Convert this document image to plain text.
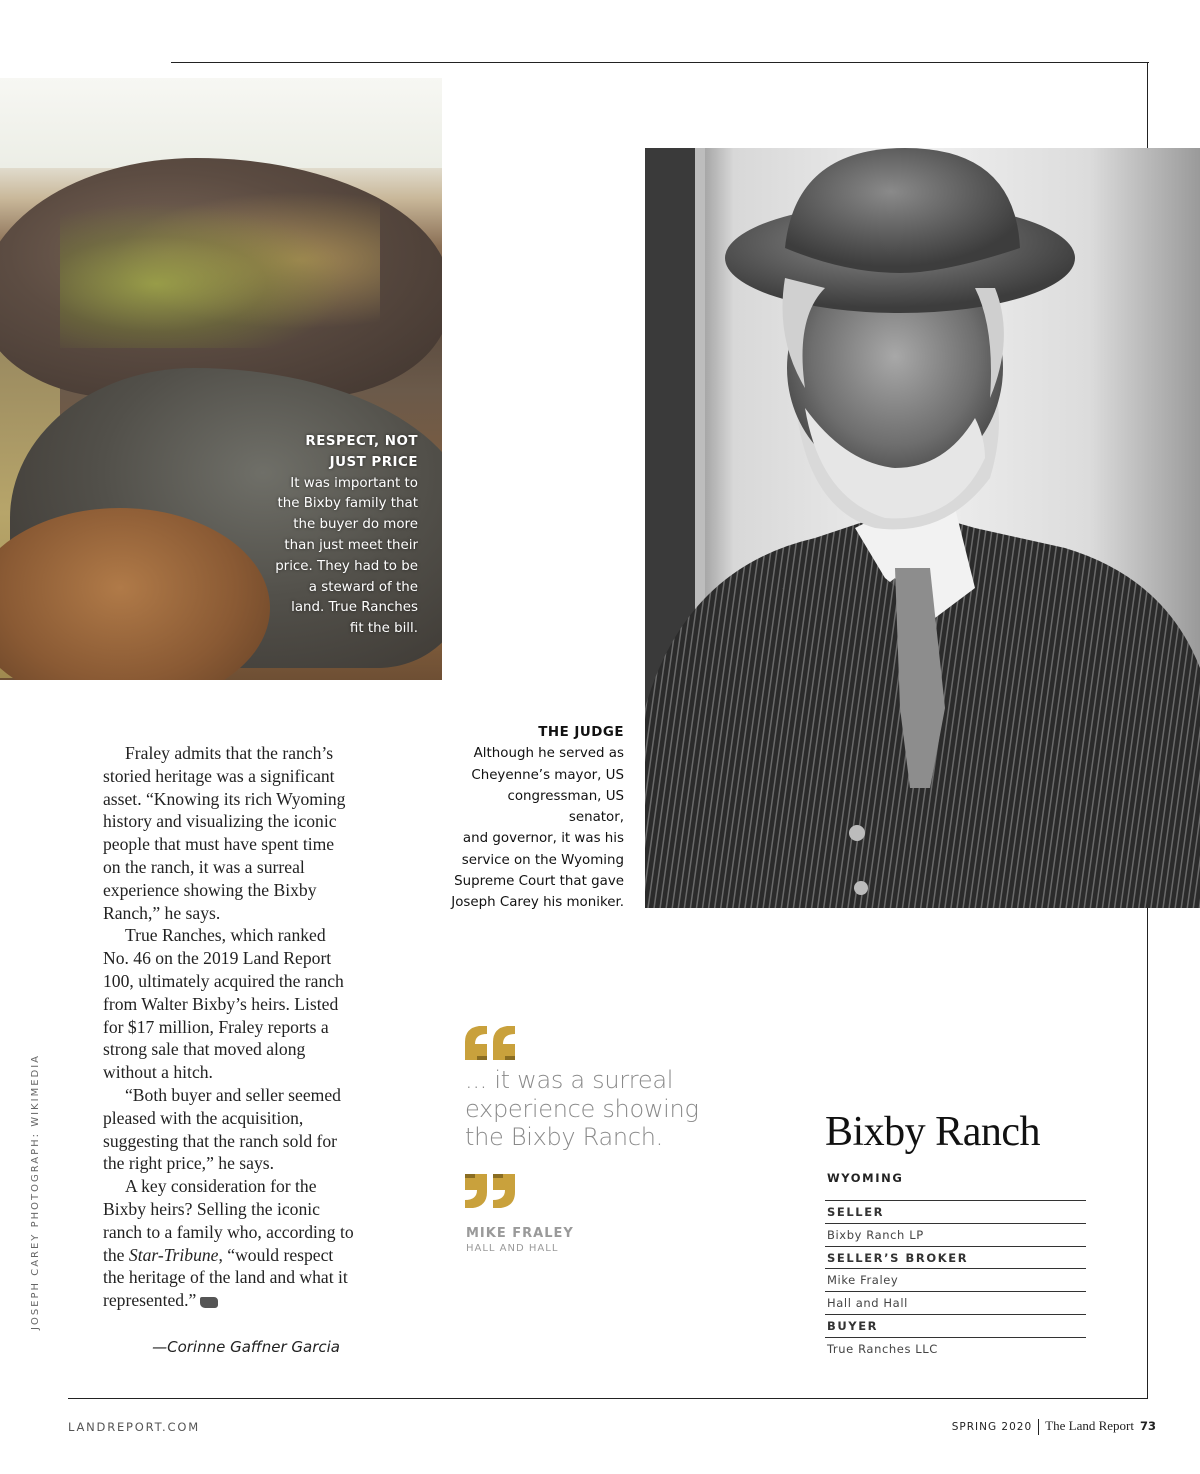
RESPECT, NOT
JUST PRICE
It was important to
the Bixby family that
the buyer do more
than just meet their
price. They had to be
a steward of the
land. True Ranches
fit the bill.
THE JUDGE
Although he served as
Cheyenne’s mayor, US
congressman, US senator,
and governor, it was his
service on the Wyoming
Supreme Court that gave
Joseph Carey his moniker.

Fraley admits that the ranch’s storied heritage was a significant asset. “Knowing its rich Wyoming history and visualizing the iconic people that must have spent time on the ranch, it was a surreal experience showing the Bixby Ranch,” he says.

True Ranches, which ranked No. 46 on the 2019 Land Report 100, ultimately acquired the ranch from Walter Bixby’s heirs. Listed for $17 million, Fraley reports a strong sale that moved along without a hitch.

“Both buyer and seller seemed pleased with the acquisition, suggesting that the ranch sold for the right price,” he says.

A key consideration for the Bixby heirs? Selling the iconic ranch to a family who, according to the Star-Tribune, “would respect the heritage of the land and what it represented.”

—Corinne Gaffner Garcia
JOSEPH CAREY PHOTOGRAPH: WIKIMEDIA	... it was a surreal experience showing the Bixby Ranch.
MIKE FRALEY
HALL AND HALL
Bixby Ranch
WYOMING
SELLER
Bixby Ranch LP
SELLER’S BROKER
Mike Fraley
Hall and Hall
BUYER
True Ranches LLC
LANDREPORT.COM	SPRING 2020 The Land Report 73
